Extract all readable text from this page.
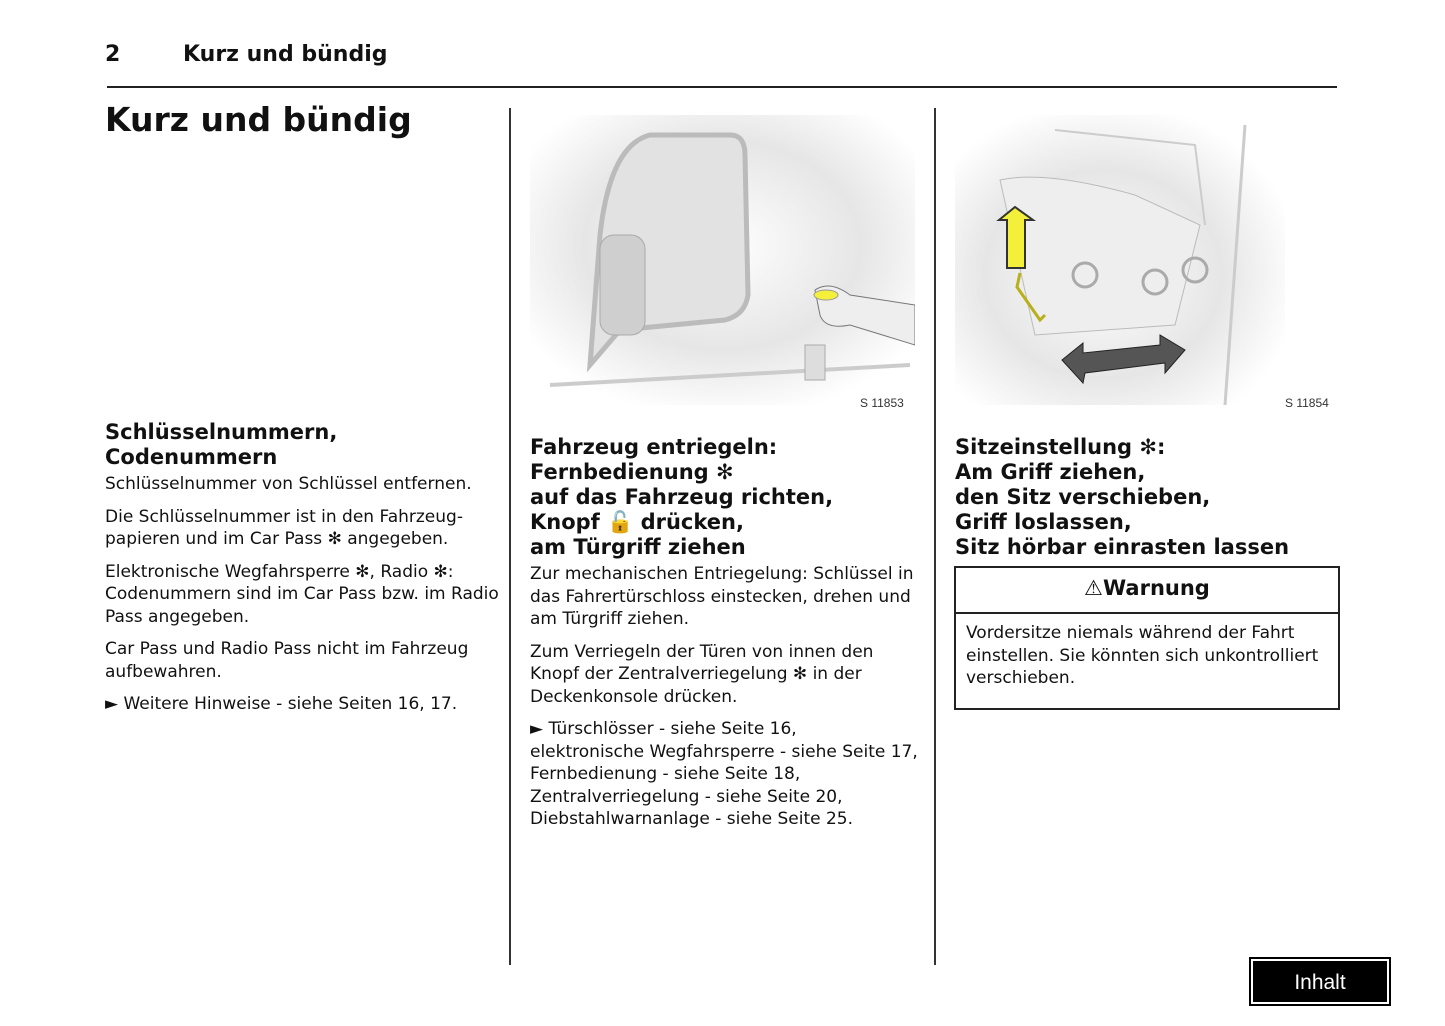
2	Kurz und bündig
Kurz und bündig
Schlüsselnummern,
Codenummern

Schlüsselnummer von Schlüssel entfernen.

Die Schlüsselnummer ist in den Fahrzeug-papieren und im Car Pass ✻ angegeben.

Elektronische Wegfahrsperre ✻, Radio ✻: Codenummern sind im Car Pass bzw. im Radio Pass angegeben.

Car Pass und Radio Pass nicht im Fahrzeug aufbewahren.

► Weitere Hinweise - siehe Seiten 16, 17.

S 11853	S 11854
Fahrzeug entriegeln:
Fernbedienung ✻
auf das Fahrzeug richten,
Knopf 🔓 drücken,
am Türgriff ziehen

Zur mechanischen Entriegelung: Schlüssel in das Fahrertürschloss einstecken, drehen und am Türgriff ziehen.

Zum Verriegeln der Türen von innen den Knopf der Zentralverriegelung ✻ in der Deckenkonsole drücken.

► Türschlösser - siehe Seite 16,
elektronische Wegfahrsperre - siehe Seite 17,
Fernbedienung - siehe Seite 18,
Zentralverriegelung - siehe Seite 20,
Diebstahlwarnanlage - siehe Seite 25.

Sitzeinstellung ✻:
Am Griff ziehen,
den Sitz verschieben,
Griff loslassen,
Sitz hörbar einrasten lassen
⚠Warnung
Vordersitze niemals während der Fahrt einstellen. Sie könnten sich unkontrolliert verschieben.
Inhalt
